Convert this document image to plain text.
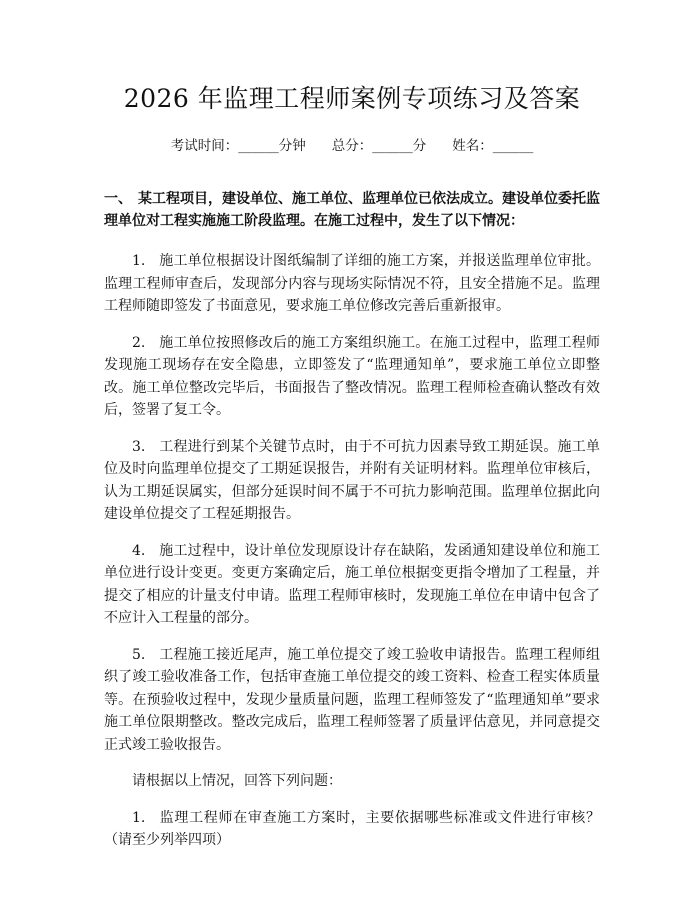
2026 年监理工程师案例专项练习及答案
考试时间：______分钟 总分：______分 姓名：______
一、 某工程项目，建设单位、施工单位、监理单位已依法成立。建设单位委托监理单位对工程实施施工阶段监理。在施工过程中，发生了以下情况：
1. 施工单位根据设计图纸编制了详细的施工方案，并报送监理单位审批。监理工程师审查后，发现部分内容与现场实际情况不符，且安全措施不足。监理工程师随即签发了书面意见，要求施工单位修改完善后重新报审。
2. 施工单位按照修改后的施工方案组织施工。在施工过程中，监理工程师发现施工现场存在安全隐患，立即签发了“监理通知单”，要求施工单位立即整改。施工单位整改完毕后，书面报告了整改情况。监理工程师检查确认整改有效后，签署了复工令。
3. 工程进行到某个关键节点时，由于不可抗力因素导致工期延误。施工单位及时向监理单位提交了工期延误报告，并附有关证明材料。监理单位审核后，认为工期延误属实，但部分延误时间不属于不可抗力影响范围。监理单位据此向建设单位提交了工程延期报告。
4. 施工过程中，设计单位发现原设计存在缺陷，发函通知建设单位和施工单位进行设计变更。变更方案确定后，施工单位根据变更指令增加了工程量，并提交了相应的计量支付申请。监理工程师审核时，发现施工单位在申请中包含了不应计入工程量的部分。
5. 工程施工接近尾声，施工单位提交了竣工验收申请报告。监理工程师组织了竣工验收准备工作，包括审查施工单位提交的竣工资料、检查工程实体质量等。在预验收过程中，发现少量质量问题，监理工程师签发了“监理通知单”要求施工单位限期整改。整改完成后，监理工程师签署了质量评估意见，并同意提交正式竣工验收报告。
请根据以上情况，回答下列问题：
1. 监理工程师在审查施工方案时，主要依据哪些标准或文件进行审核？（请至少列举四项）
